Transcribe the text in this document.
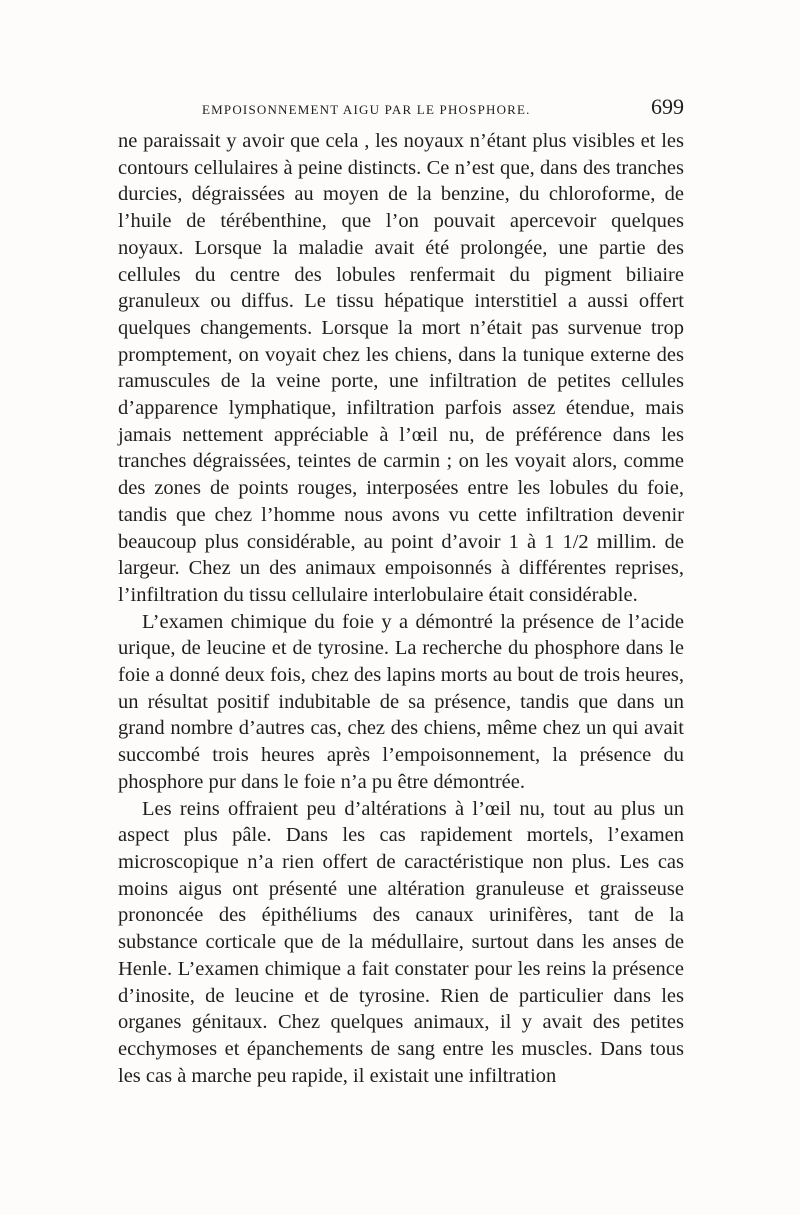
EMPOISONNEMENT AIGU PAR LE PHOSPHORE.	699

ne paraissait y avoir que cela , les noyaux n’étant plus visibles et les contours cellulaires à peine distincts. Ce n’est que, dans des tranches durcies, dégraissées au moyen de la benzine, du chloroforme, de l’huile de térébenthine, que l’on pouvait apercevoir quelques noyaux. Lorsque la maladie avait été prolongée, une partie des cellules du centre des lobules renfermait du pigment biliaire granuleux ou diffus. Le tissu hépatique interstitiel a aussi offert quelques changements. Lorsque la mort n’était pas survenue trop promptement, on voyait chez les chiens, dans la tunique externe des ramuscules de la veine porte, une infiltration de petites cellules d’apparence lymphatique, infiltration parfois assez étendue, mais jamais nettement appréciable à l’œil nu, de préférence dans les tranches dégraissées, teintes de carmin ; on les voyait alors, comme des zones de points rouges, interposées entre les lobules du foie, tandis que chez l’homme nous avons vu cette infiltration devenir beaucoup plus considérable, au point d’avoir 1 à 1 1/2 millim. de largeur. Chez un des animaux empoisonnés à différentes reprises, l’infiltration du tissu cellulaire interlobulaire était considérable.

L’examen chimique du foie y a démontré la présence de l’acide urique, de leucine et de tyrosine. La recherche du phosphore dans le foie a donné deux fois, chez des lapins morts au bout de trois heures, un résultat positif indubitable de sa présence, tandis que dans un grand nombre d’autres cas, chez des chiens, même chez un qui avait succombé trois heures après l’empoisonnement, la présence du phosphore pur dans le foie n’a pu être démontrée.

Les reins offraient peu d’altérations à l’œil nu, tout au plus un aspect plus pâle. Dans les cas rapidement mortels, l’examen microscopique n’a rien offert de caractéristique non plus. Les cas moins aigus ont présenté une altération granuleuse et graisseuse prononcée des épithéliums des canaux urinifères, tant de la substance corticale que de la médullaire, surtout dans les anses de Henle. L’examen chimique a fait constater pour les reins la présence d’inosite, de leucine et de tyrosine. Rien de particulier dans les organes génitaux. Chez quelques animaux, il y avait des petites ecchymoses et épanchements de sang entre les muscles. Dans tous les cas à marche peu rapide, il existait une infiltration
